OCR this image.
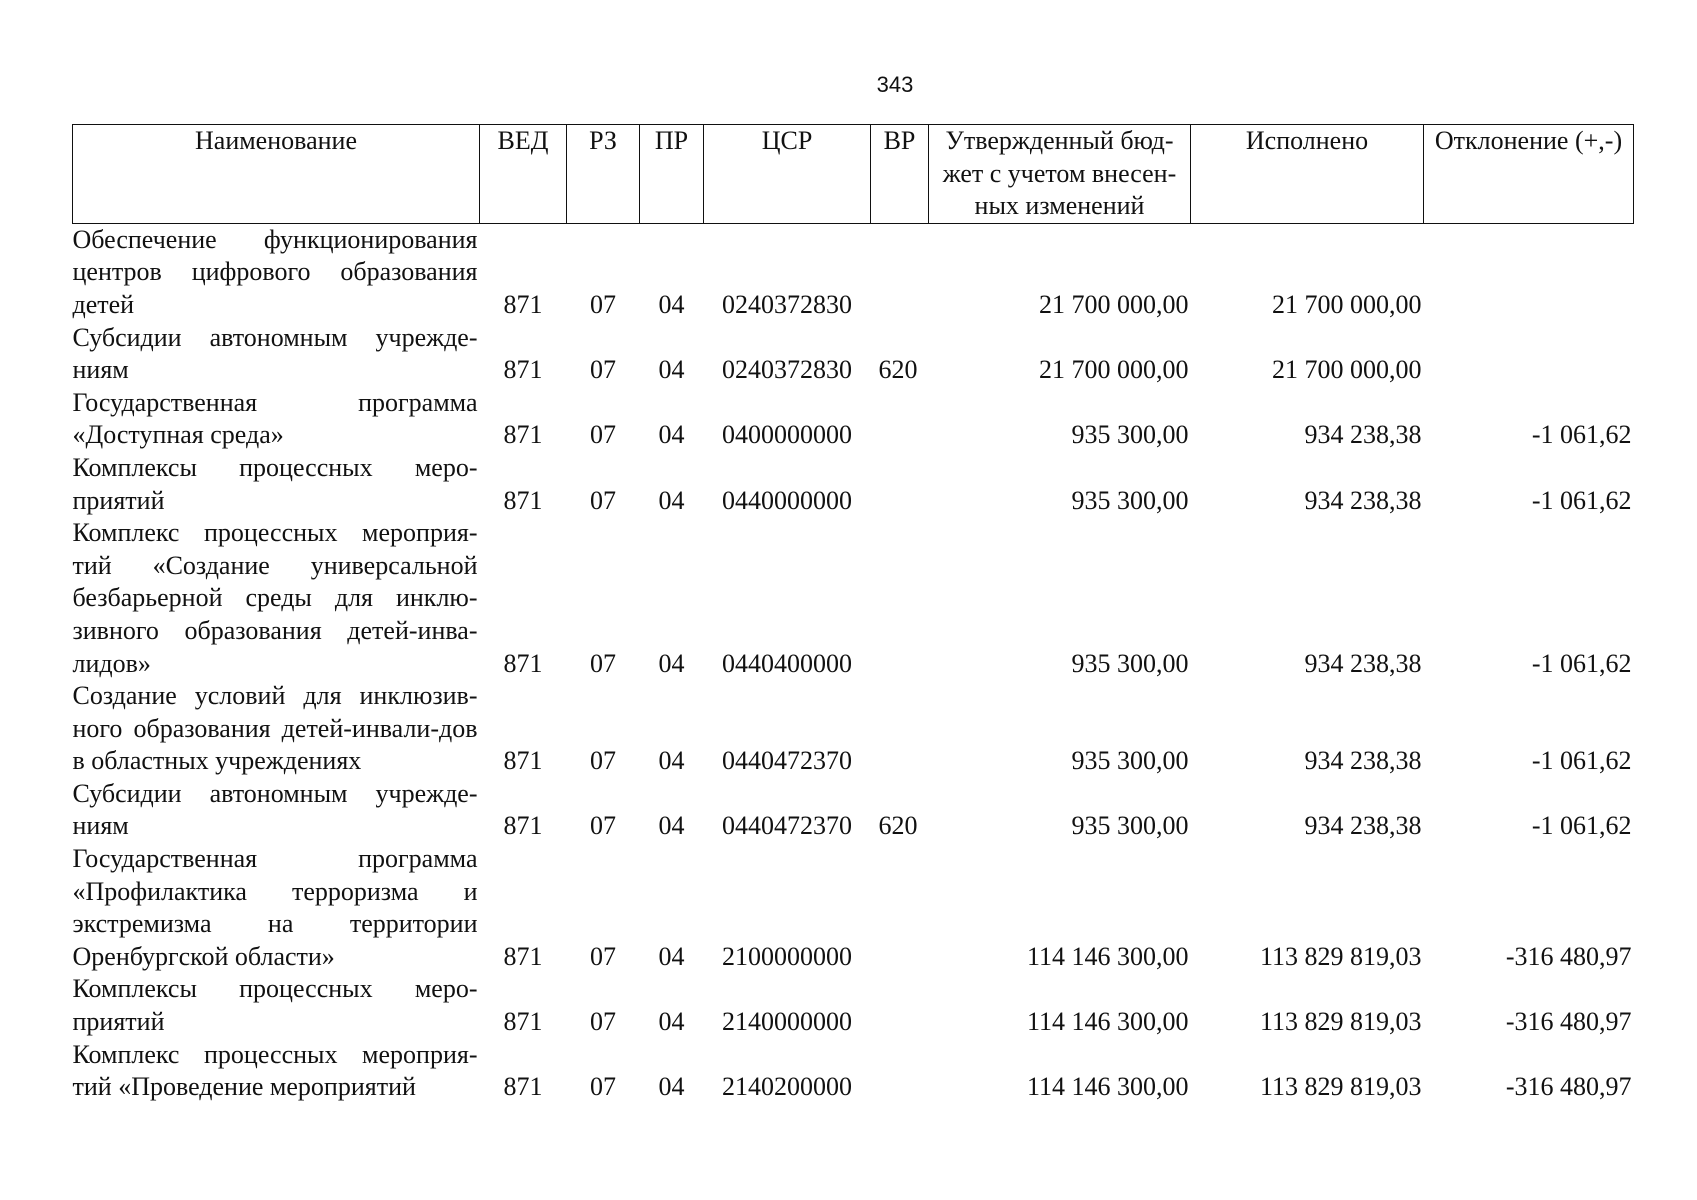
343
Наименование	ВЕД	РЗ	ПР	ЦСР	ВР	Утвержденный бюд-
жет с учетом внесен-
ных изменений	Исполнено	Отклонение (+,-)
Обеспечение функционирования центров цифрового образования детей	871	07	04	0240372830		21 700 000,00	21 700 000,00	
Субсидии автономным учрежде-ниям	871	07	04	0240372830	620	21 700 000,00	21 700 000,00	
Государственная программа «Доступная среда»	871	07	04	0400000000		935 300,00	934 238,38	-1 061,62
Комплексы процессных меро-приятий	871	07	04	0440000000		935 300,00	934 238,38	-1 061,62
Комплекс процессных мероприя-тий «Создание универсальной безбарьерной среды для инклю-зивного образования детей-инва-лидов»	871	07	04	0440400000		935 300,00	934 238,38	-1 061,62
Создание условий для инклюзив-ного образования детей-инвали-дов в областных учреждениях	871	07	04	0440472370		935 300,00	934 238,38	-1 061,62
Субсидии автономным учрежде-ниям	871	07	04	0440472370	620	935 300,00	934 238,38	-1 061,62
Государственная программа «Профилактика терроризма и экстремизма на территории Оренбургской области»	871	07	04	2100000000		114 146 300,00	113 829 819,03	-316 480,97
Комплексы процессных меро-приятий	871	07	04	2140000000		114 146 300,00	113 829 819,03	-316 480,97
Комплекс процессных мероприя-тий «Проведение мероприятий	871	07	04	2140200000		114 146 300,00	113 829 819,03	-316 480,97
